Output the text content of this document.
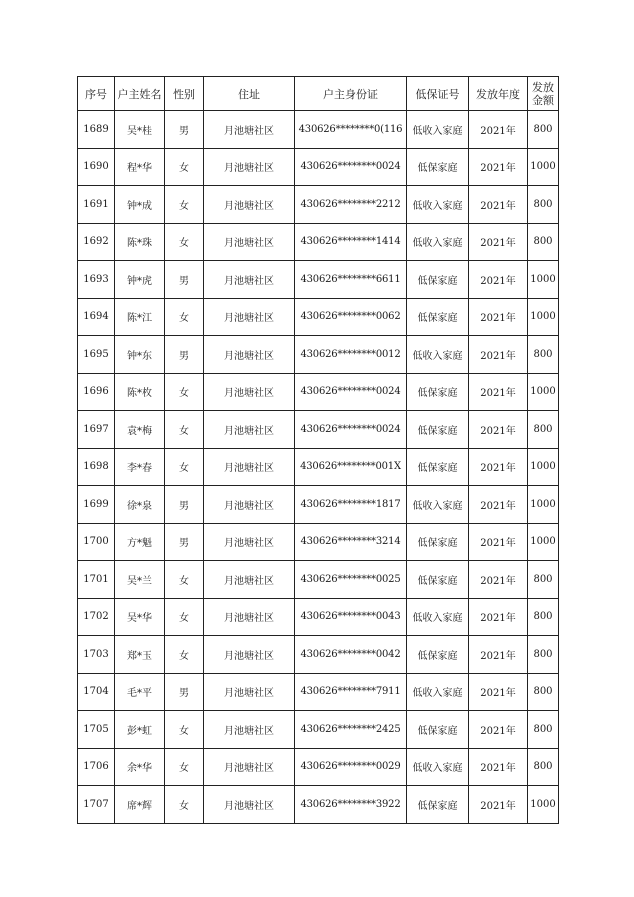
序号	户主姓名	性别	住址	户主身份证	低保证号	发放年度	发放金额
1689	吴*桂	男	月池塘社区	430626********0(116	低收入家庭	2021年	800
1690	程*华	女	月池塘社区	430626********0024	低保家庭	2021年	1000
1691	钟*成	女	月池塘社区	430626********2212	低收入家庭	2021年	800
1692	陈*珠	女	月池塘社区	430626********1414	低收入家庭	2021年	800
1693	钟*虎	男	月池塘社区	430626********6611	低保家庭	2021年	1000
1694	陈*江	女	月池塘社区	430626********0062	低保家庭	2021年	1000
1695	钟*东	男	月池塘社区	430626********0012	低收入家庭	2021年	800
1696	陈*枚	女	月池塘社区	430626********0024	低保家庭	2021年	1000
1697	袁*梅	女	月池塘社区	430626********0024	低保家庭	2021年	800
1698	李*春	女	月池塘社区	430626********001X	低保家庭	2021年	1000
1699	徐*泉	男	月池塘社区	430626********1817	低收入家庭	2021年	1000
1700	方*魁	男	月池塘社区	430626********3214	低保家庭	2021年	1000
1701	吴*兰	女	月池塘社区	430626********0025	低保家庭	2021年	800
1702	吴*华	女	月池塘社区	430626********0043	低收入家庭	2021年	800
1703	郑*玉	女	月池塘社区	430626********0042	低保家庭	2021年	800
1704	毛*平	男	月池塘社区	430626********7911	低收入家庭	2021年	800
1705	彭*虹	女	月池塘社区	430626********2425	低保家庭	2021年	800
1706	余*华	女	月池塘社区	430626********0029	低收入家庭	2021年	800
1707	席*辉	女	月池塘社区	430626********3922	低保家庭	2021年	1000
